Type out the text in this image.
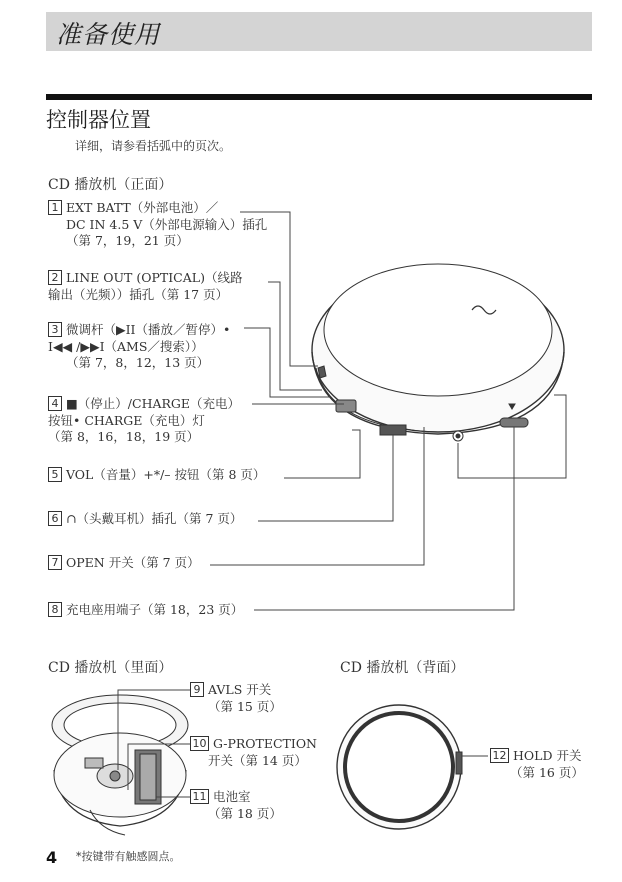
准备使用
控制器位置
详细，请参看括弧中的页次。
CD 播放机（正面）
CD 播放机（里面）	CD 播放机（背面）
1 EXT BATT（外部电池）／
DC IN 4.5 V（外部电源输入）插孔
（第 7，19，21 页）
2 LINE OUT (OPTICAL)（线路
输出（光频））插孔（第 17 页）
3 微调杆（▶II（播放／暂停）•
I◀◀ /▶▶I（AMS／搜索））
（第 7，8，12，13 页）
4 ■（停止）/CHARGE（充电）
按钮• CHARGE（充电）灯
（第 8，16，18，19 页）
5 VOL（音量）+*/– 按钮（第 8 页）
6 ∩（头戴耳机）插孔（第 7 页）
7 OPEN 开关（第 7 页）
8 充电座用端子（第 18，23 页）
9 AVLS 开关
（第 15 页）
10 G-PROTECTION
开关（第 14 页）
11 电池室
（第 18 页）
12 HOLD 开关
（第 16 页）
4 *按键带有触感圆点。
